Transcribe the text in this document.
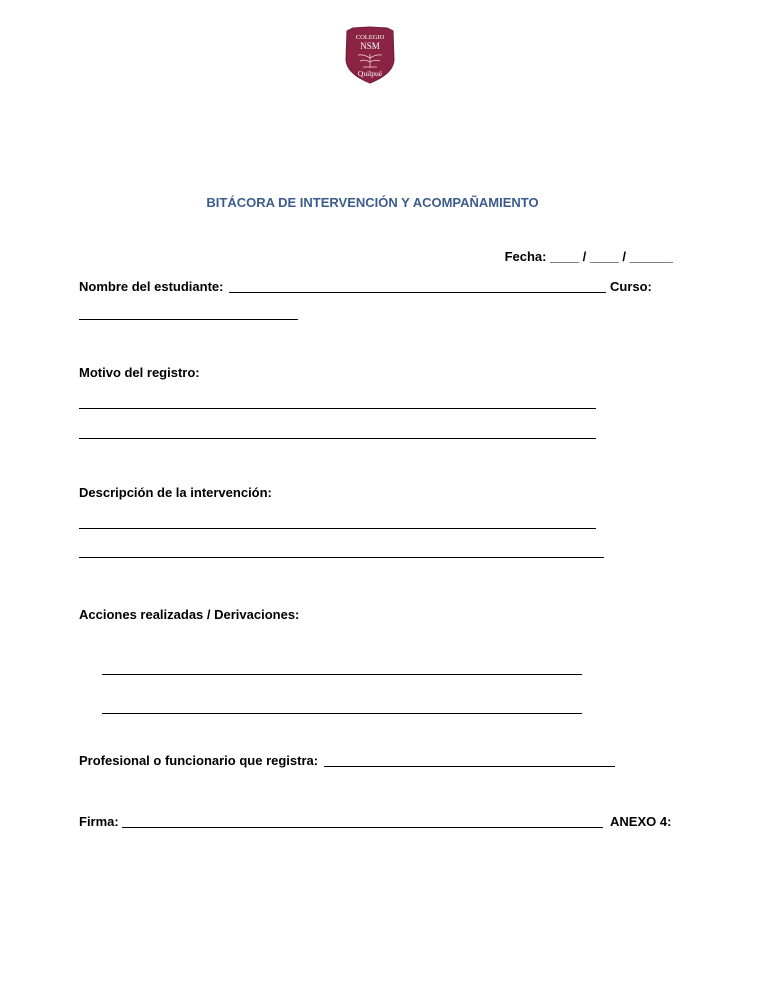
COLEGIO
NSM
Quilpué
BITÁCORA DE INTERVENCIÓN Y ACOMPAÑAMIENTO
Fecha: ____ / ____ / ______
Nombre del estudiante:	Curso:
Motivo del registro:
Descripción de la intervención:
Acciones realizadas / Derivaciones:
Profesional o funcionario que registra:
Firma:	ANEXO 4:
